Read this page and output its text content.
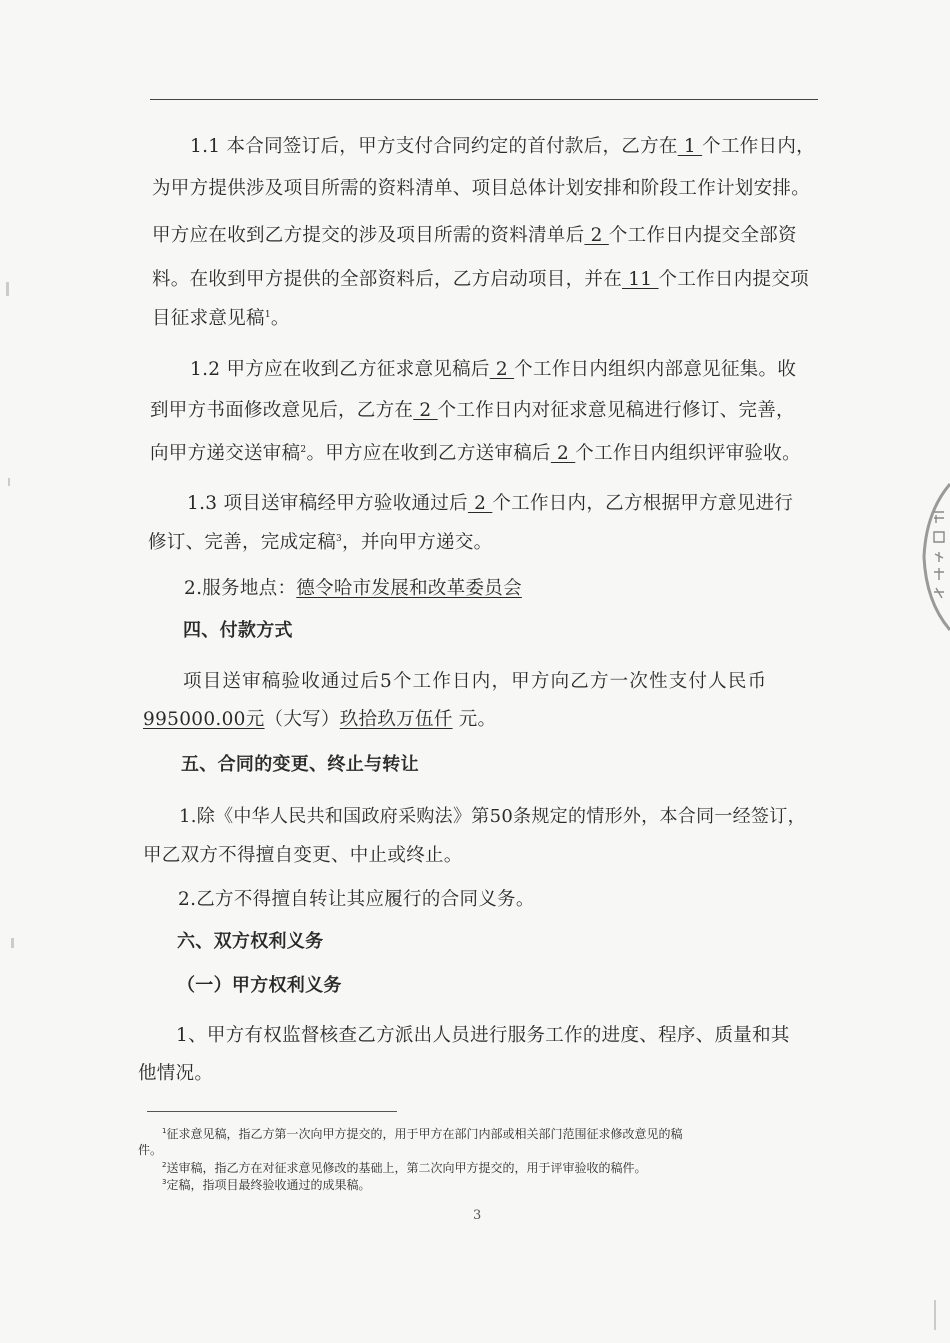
1.1 本合同签订后，甲方支付合同约定的首付款后，乙方在 1 个工作日内，
为甲方提供涉及项目所需的资料清单、项目总体计划安排和阶段工作计划安排。
甲方应在收到乙方提交的涉及项目所需的资料清单后 2 个工作日内提交全部资
料。在收到甲方提供的全部资料后，乙方启动项目，并在 11 个工作日内提交项
目征求意见稿$^1$。
1.2 甲方应在收到乙方征求意见稿后 2 个工作日内组织内部意见征集。收
到甲方书面修改意见后，乙方在 2 个工作日内对征求意见稿进行修订、完善，
向甲方递交送审稿$^2$。甲方应在收到乙方送审稿后 2 个工作日内组织评审验收。
1.3 项目送审稿经甲方验收通过后 2 个工作日内，乙方根据甲方意见进行
修订、完善，完成定稿$^3$，并向甲方递交。
2.服务地点：德令哈市发展和改革委员会
四、付款方式
项目送审稿验收通过后5个工作日内，甲方向乙方一次性支付人民币
995000.00元（大写）玖拾玖万伍仟 元。
五、合同的变更、终止与转让
1.除《中华人民共和国政府采购法》第50条规定的情形外，本合同一经签订，
甲乙双方不得擅自变更、中止或终止。
2.乙方不得擅自转让其应履行的合同义务。
六、双方权利义务
（一）甲方权利义务
1、甲方有权监督核查乙方派出人员进行服务工作的进度、程序、质量和其
他情况。
$^1$征求意见稿，指乙方第一次向甲方提交的，用于甲方在部门内部或相关部门范围征求修改意见的稿
件。
$^2$送审稿，指乙方在对征求意见修改的基础上，第二次向甲方提交的，用于评审验收的稿件。
$^3$定稿，指项目最终验收通过的成果稿。
3
